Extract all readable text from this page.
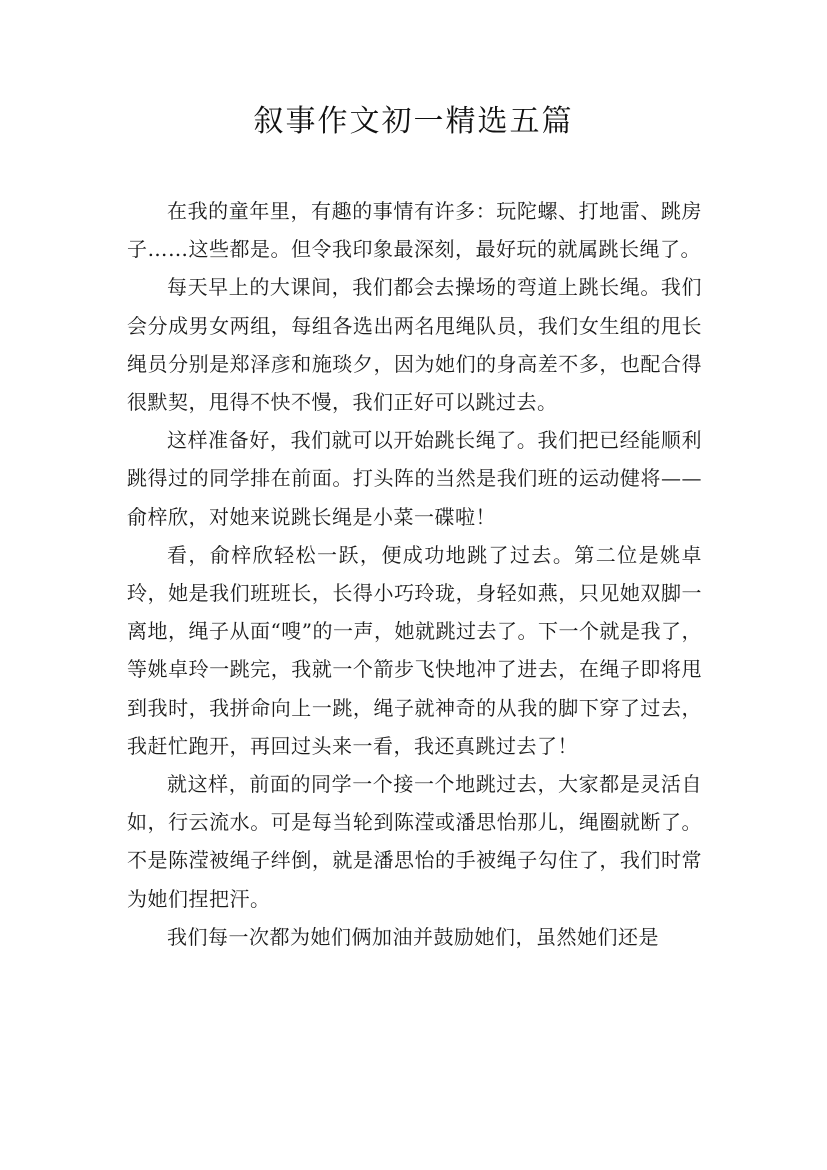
叙事作文初一精选五篇

在我的童年里，有趣的事情有许多：玩陀螺、打地雷、跳房子……这些都是。但令我印象最深刻，最好玩的就属跳长绳了。

每天早上的大课间，我们都会去操场的弯道上跳长绳。我们会分成男女两组，每组各选出两名甩绳队员，我们女生组的甩长绳员分别是郑泽彦和施琰夕，因为她们的身高差不多，也配合得很默契，甩得不快不慢，我们正好可以跳过去。

这样准备好，我们就可以开始跳长绳了。我们把已经能顺利跳得过的同学排在前面。打头阵的当然是我们班的运动健将——俞梓欣，对她来说跳长绳是小菜一碟啦！

看，俞梓欣轻松一跃，便成功地跳了过去。第二位是姚卓玲，她是我们班班长，长得小巧玲珑，身轻如燕，只见她双脚一离地，绳子从面“嗖”的一声，她就跳过去了。下一个就是我了，等姚卓玲一跳完，我就一个箭步飞快地冲了进去，在绳子即将甩到我时，我拼命向上一跳，绳子就神奇的从我的脚下穿了过去，我赶忙跑开，再回过头来一看，我还真跳过去了！

就这样，前面的同学一个接一个地跳过去，大家都是灵活自如，行云流水。可是每当轮到陈滢或潘思怡那儿，绳圈就断了。不是陈滢被绳子绊倒，就是潘思怡的手被绳子勾住了，我们时常为她们捏把汗。

我们每一次都为她们俩加油并鼓励她们，虽然她们还是
